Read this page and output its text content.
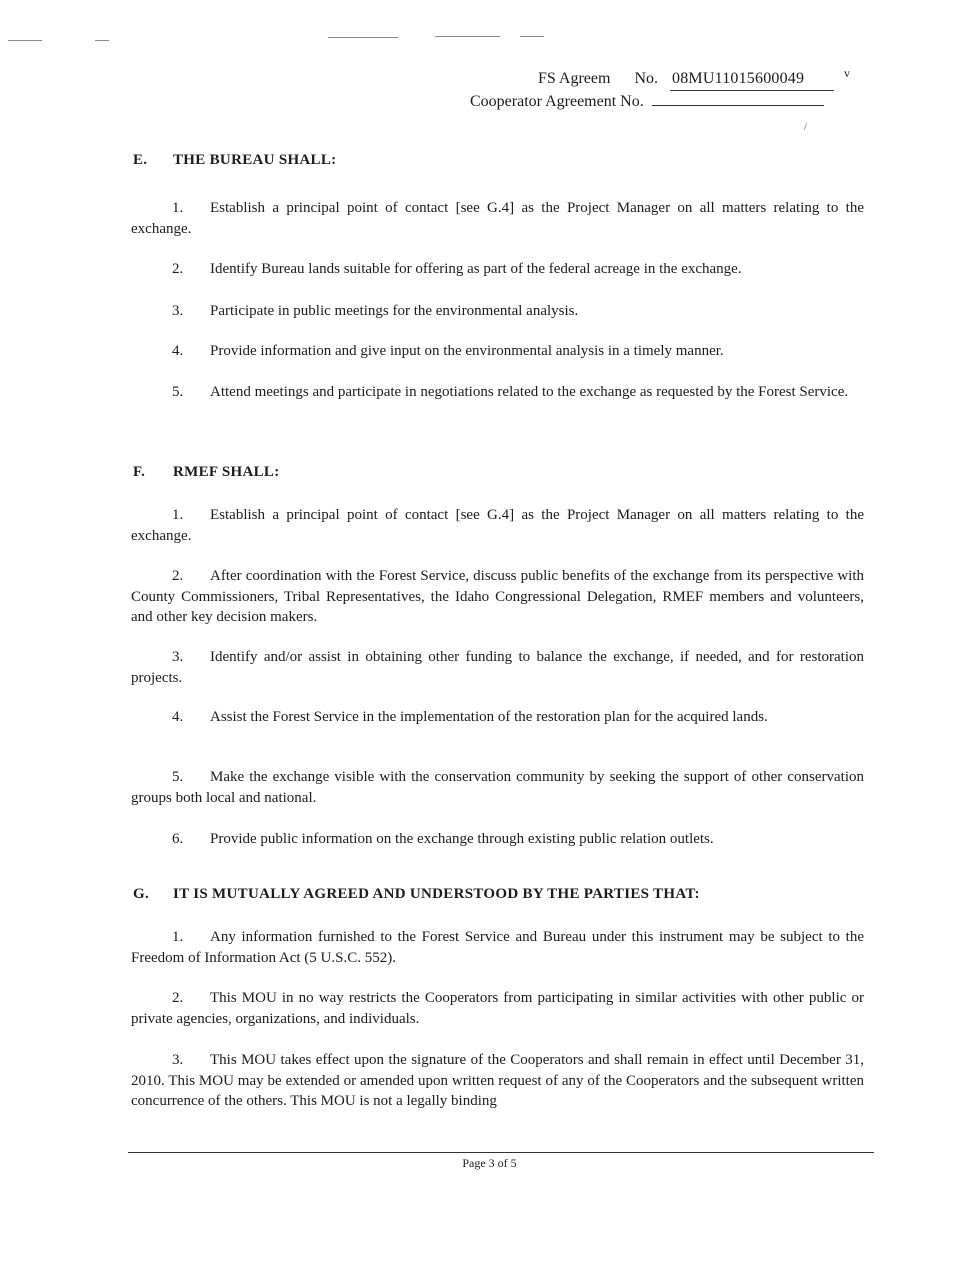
FS Agreem No. 08MU11015600049	v
Cooperator Agreement No.
/
E. THE BUREAU SHALL:
1. Establish a principal point of contact [see G.4] as the Project Manager on all matters relating to the exchange.
2. Identify Bureau lands suitable for offering as part of the federal acreage in the exchange.
3. Participate in public meetings for the environmental analysis.
4. Provide information and give input on the environmental analysis in a timely manner.
5. Attend meetings and participate in negotiations related to the exchange as requested by the Forest Service.
F. RMEF SHALL:
1. Establish a principal point of contact [see G.4] as the Project Manager on all matters relating to the exchange.
2. After coordination with the Forest Service, discuss public benefits of the exchange from its perspective with County Commissioners, Tribal Representatives, the Idaho Congressional Delegation, RMEF members and volunteers, and other key decision makers.
3. Identify and/or assist in obtaining other funding to balance the exchange, if needed, and for restoration projects.
4. Assist the Forest Service in the implementation of the restoration plan for the acquired lands.
5. Make the exchange visible with the conservation community by seeking the support of other conservation groups both local and national.
6. Provide public information on the exchange through existing public relation outlets.
G. IT IS MUTUALLY AGREED AND UNDERSTOOD BY THE PARTIES THAT:
1. Any information furnished to the Forest Service and Bureau under this instrument may be subject to the Freedom of Information Act (5 U.S.C. 552).
2. This MOU in no way restricts the Cooperators from participating in similar activities with other public or private agencies, organizations, and individuals.
3. This MOU takes effect upon the signature of the Cooperators and shall remain in effect until December 31, 2010. This MOU may be extended or amended upon written request of any of the Cooperators and the subsequent written concurrence of the others. This MOU is not a legally binding
Page 3 of 5
